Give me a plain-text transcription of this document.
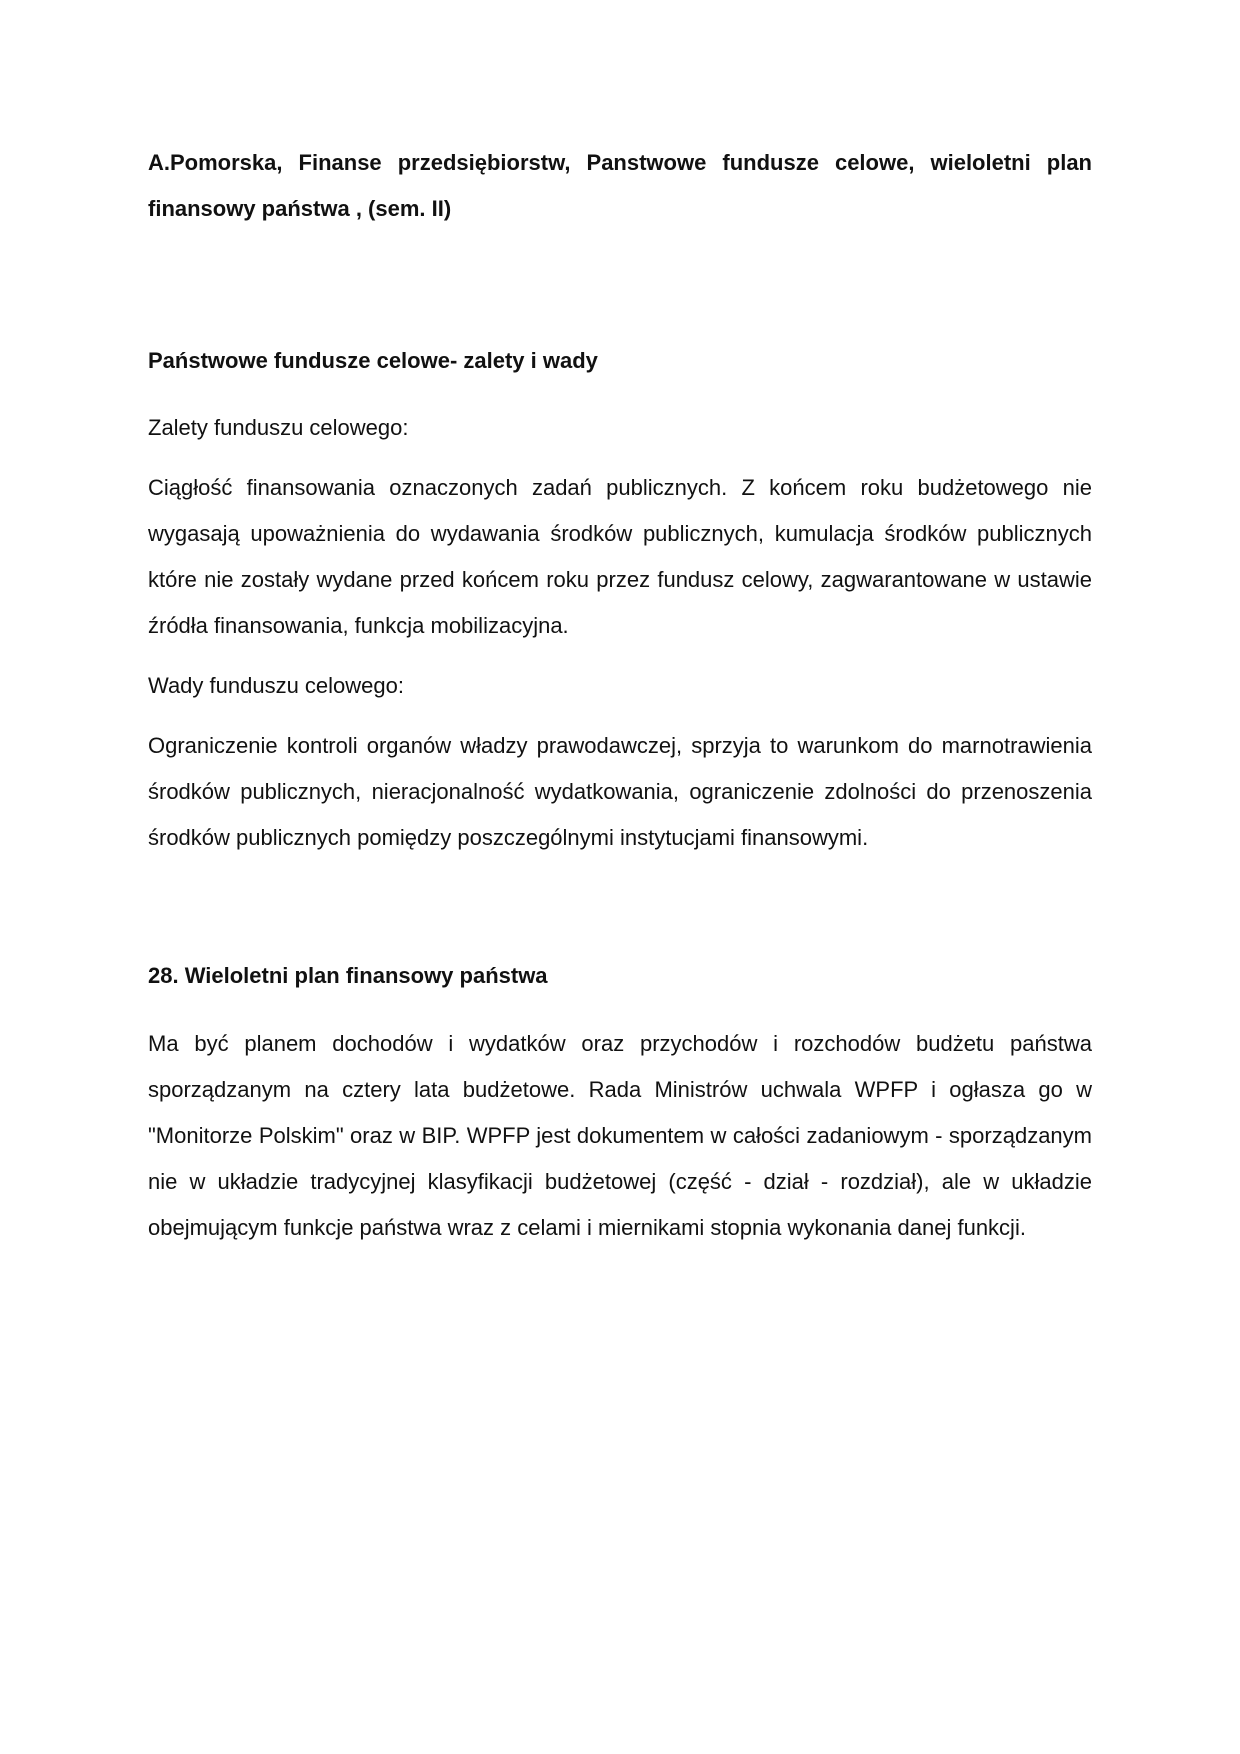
A.Pomorska, Finanse przedsiębiorstw, Panstwowe fundusze celowe, wieloletni plan finansowy państwa , (sem. II)

Państwowe fundusze celowe- zalety i wady

Zalety funduszu celowego:

Ciągłość finansowania oznaczonych zadań publicznych. Z końcem roku budżetowego nie wygasają upoważnienia do wydawania środków publicznych, kumulacja środków publicznych które nie zostały wydane przed końcem roku przez fundusz celowy, zagwarantowane w ustawie źródła finansowania, funkcja mobilizacyjna.

Wady funduszu celowego:

Ograniczenie kontroli organów władzy prawodawczej, sprzyja to warunkom do marnotrawienia środków publicznych, nieracjonalność wydatkowania, ograniczenie zdolności do przenoszenia środków publicznych pomiędzy poszczególnymi instytucjami finansowymi.

28. Wieloletni plan finansowy państwa

Ma być planem dochodów i wydatków oraz przychodów i rozchodów budżetu państwa sporządzanym na cztery lata budżetowe. Rada Ministrów uchwala WPFP i ogłasza go w "Monitorze Polskim" oraz w BIP. WPFP jest dokumentem w całości zadaniowym - sporządzanym nie w układzie tradycyjnej klasyfikacji budżetowej (część - dział - rozdział), ale w układzie obejmującym funkcje państwa wraz z celami i miernikami stopnia wykonania danej funkcji.
